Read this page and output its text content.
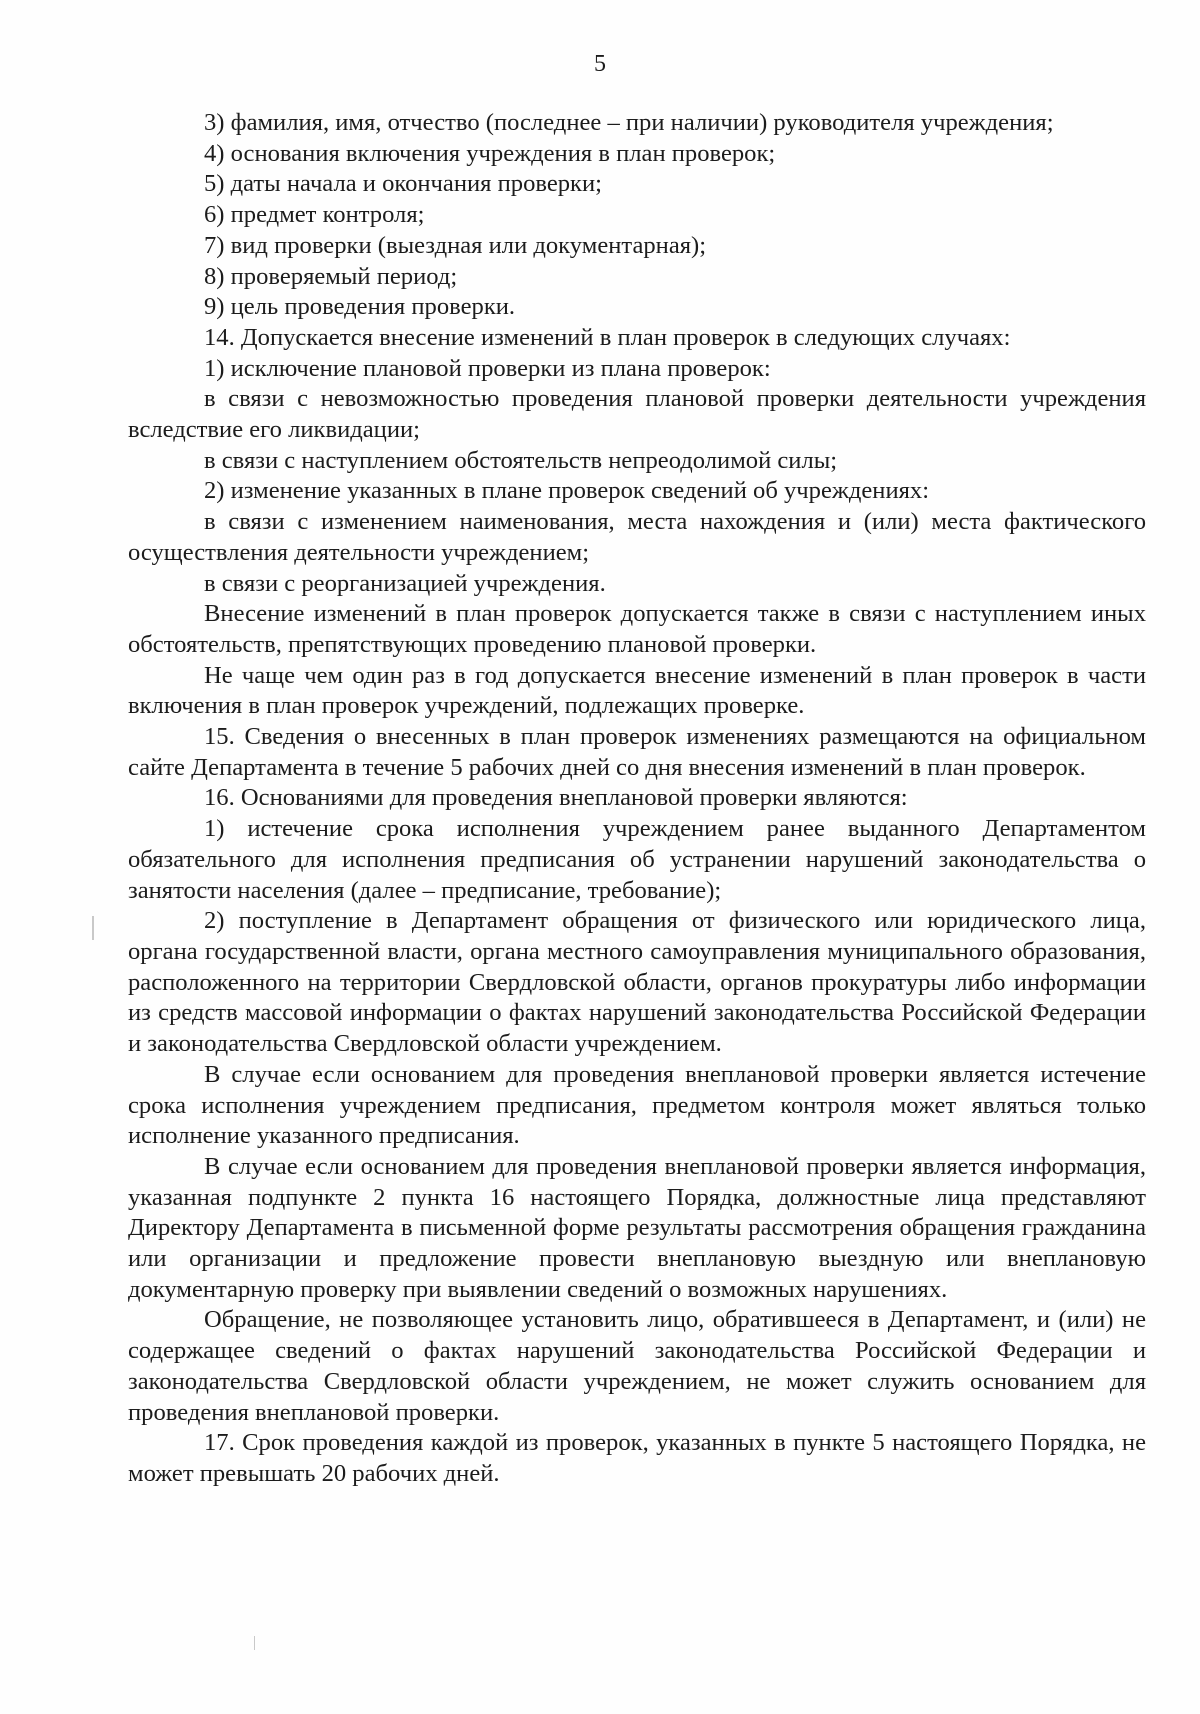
5

3) фамилия, имя, отчество (последнее – при наличии) руководителя учреждения;

4) основания включения учреждения в план проверок;

5) даты начала и окончания проверки;

6) предмет контроля;

7) вид проверки (выездная или документарная);

8) проверяемый период;

9) цель проведения проверки.

14. Допускается внесение изменений в план проверок в следующих случаях:

1) исключение плановой проверки из плана проверок:

в связи с невозможностью проведения плановой проверки деятельности учреждения вследствие его ликвидации;

в связи с наступлением обстоятельств непреодолимой силы;

2) изменение указанных в плане проверок сведений об учреждениях:

в связи с изменением наименования, места нахождения и (или) места фактического осуществления деятельности учреждением;

в связи с реорганизацией учреждения.

Внесение изменений в план проверок допускается также в связи с наступлением иных обстоятельств, препятствующих проведению плановой проверки.

Не чаще чем один раз в год допускается внесение изменений в план проверок в части включения в план проверок учреждений, подлежащих проверке.

15. Сведения о внесенных в план проверок изменениях размещаются на официальном сайте Департамента в течение 5 рабочих дней со дня внесения изменений в план проверок.

16. Основаниями для проведения внеплановой проверки являются:

1) истечение срока исполнения учреждением ранее выданного Департаментом обязательного для исполнения предписания об устранении нарушений законодательства о занятости населения (далее – предписание, требование);

2) поступление в Департамент обращения от физического или юридического лица, органа государственной власти, органа местного самоуправления муниципального образования, расположенного на территории Свердловской области, органов прокуратуры либо информации из средств массовой информации о фактах нарушений законодательства Российской Федерации и законодательства Свердловской области учреждением.

В случае если основанием для проведения внеплановой проверки является истечение срока исполнения учреждением предписания, предметом контроля может являться только исполнение указанного предписания.

В случае если основанием для проведения внеплановой проверки является информация, указанная подпункте 2 пункта 16 настоящего Порядка, должностные лица представляют Директору Департамента в письменной форме результаты рассмотрения обращения гражданина или организации и предложение провести внеплановую выездную или внеплановую документарную проверку при выявлении сведений о возможных нарушениях.

Обращение, не позволяющее установить лицо, обратившееся в Департамент, и (или) не содержащее сведений о фактах нарушений законодательства Российской Федерации и законодательства Свердловской области учреждением, не может служить основанием для проведения внеплановой проверки.

17. Срок проведения каждой из проверок, указанных в пункте 5 настоящего Порядка, не может превышать 20 рабочих дней.
